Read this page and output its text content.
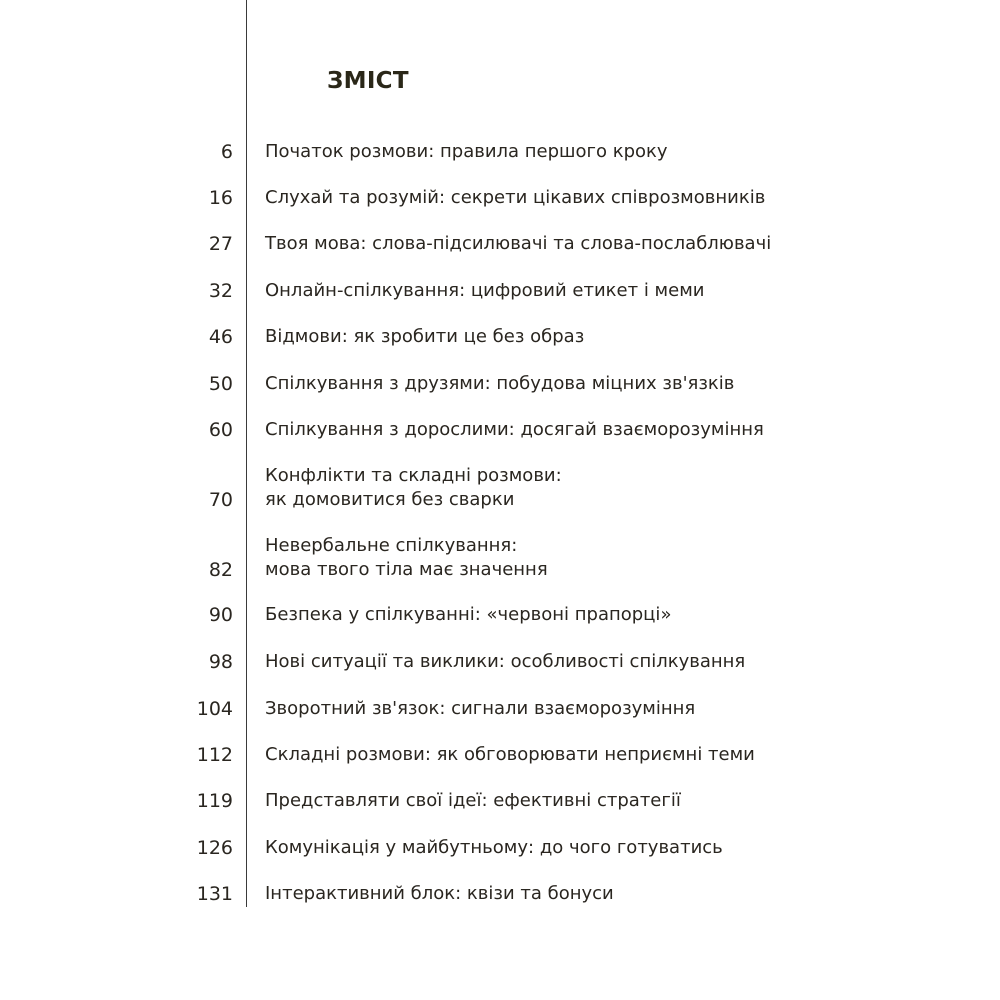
ЗМІСТ
6 Початок розмови: правила першого кроку
16 Слухай та розумій: секрети цікавих співрозмовників
27 Твоя мова: слова-підсилювачі та слова-послаблювачі
32 Онлайн-спілкування: цифровий етикет і меми
46 Відмови: як зробити це без образ
50 Спілкування з друзями: побудова міцних зв'язків
60 Спілкування з дорослими: досягай взаєморозуміння
70
Конфлікти та складні розмови:
як домовитися без сварки
82
Невербальне спілкування:
мова твого тіла має значення
90 Безпека у спілкуванні: «червоні прапорці»
98 Нові ситуації та виклики: особливості спілкування
104 Зворотний зв'язок: сигнали взаєморозуміння
112 Складні розмови: як обговорювати неприємні теми
119 Представляти свої ідеї: ефективні стратегії
126 Комунікація у майбутньому: до чого готуватись
131 Інтерактивний блок: квізи та бонуси
